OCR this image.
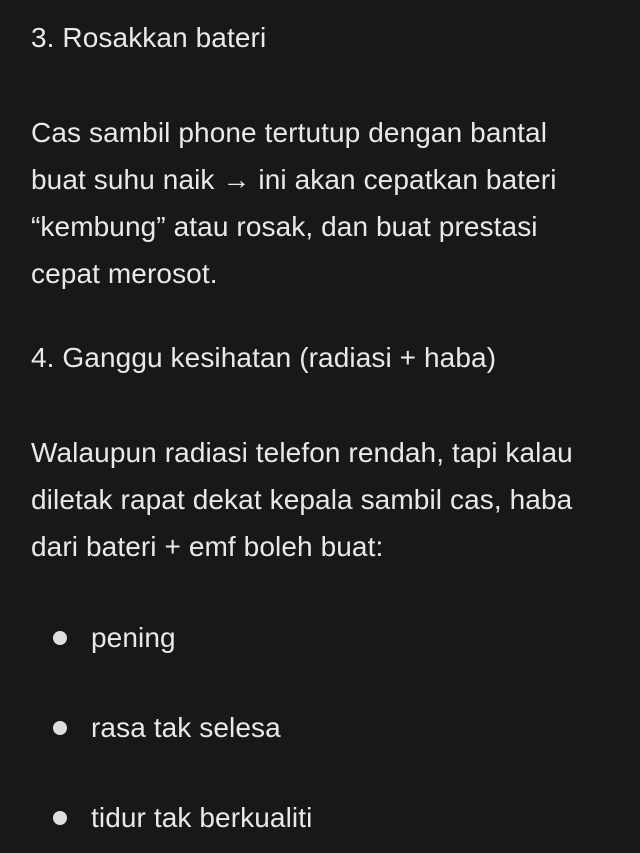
3. Rosakkan bateri

Cas sambil phone tertutup dengan bantal buat suhu naik → ini akan cepatkan bateri “kembung” atau rosak, dan buat prestasi cepat merosot.

4. Ganggu kesihatan (radiasi + haba)

Walaupun radiasi telefon rendah, tapi kalau diletak rapat dekat kepala sambil cas, haba dari bateri + emf boleh buat:

pening
rasa tak selesa
tidur tak berkualiti
